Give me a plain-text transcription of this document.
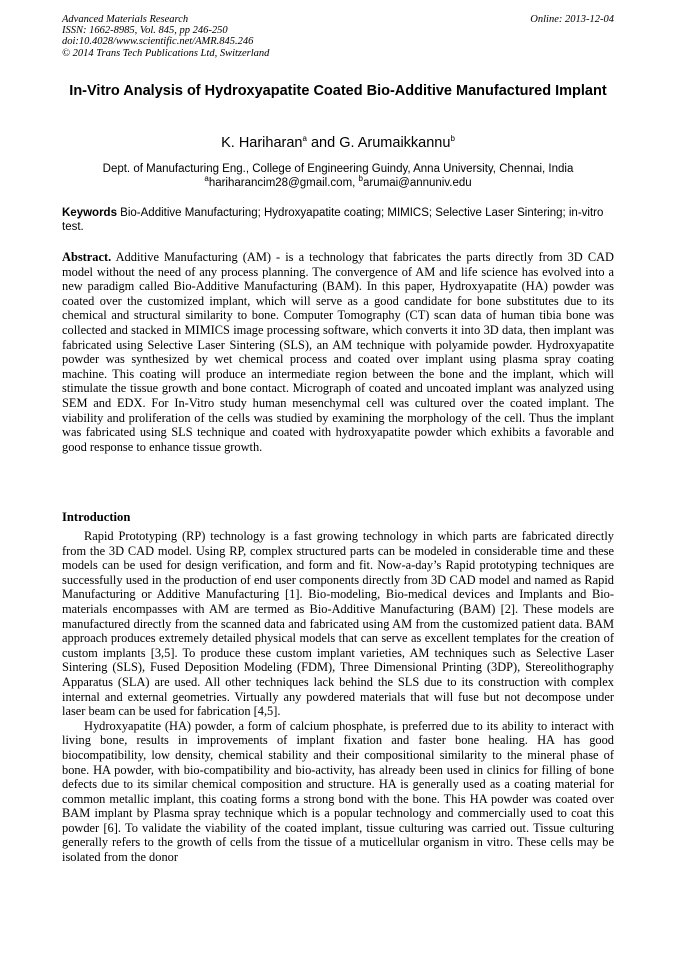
Advanced Materials Research
ISSN: 1662-8985, Vol. 845, pp 246-250
doi:10.4028/www.scientific.net/AMR.845.246
© 2014 Trans Tech Publications Ltd, Switzerland
Online: 2013-12-04
In-Vitro Analysis of Hydroxyapatite Coated Bio-Additive Manufactured Implant
K. Hariharan$^a$ and G. Arumaikkannu$^b$
Dept. of Manufacturing Eng., College of Engineering Guindy, Anna University, Chennai, India
$^a$hariharancim28@gmail.com, $^b$arumai@annuniv.edu
Keywords Bio-Additive Manufacturing; Hydroxyapatite coating; MIMICS; Selective Laser Sintering; in-vitro test.

Abstract. Additive Manufacturing (AM) - is a technology that fabricates the parts directly from 3D CAD model without the need of any process planning. The convergence of AM and life science has evolved into a new paradigm called Bio-Additive Manufacturing (BAM). In this paper, Hydroxyapatite (HA) powder was coated over the customized implant, which will serve as a good candidate for bone substitutes due to its chemical and structural similarity to bone. Computer Tomography (CT) scan data of human tibia bone was collected and stacked in MIMICS image processing software, which converts it into 3D data, then implant was fabricated using Selective Laser Sintering (SLS), an AM technique with polyamide powder. Hydroxyapatite powder was synthesized by wet chemical process and coated over implant using plasma spray coating machine. This coating will produce an intermediate region between the bone and the implant, which will stimulate the tissue growth and bone contact. Micrograph of coated and uncoated implant was analyzed using SEM and EDX. For In-Vitro study human mesenchymal cell was cultured over the coated implant. The viability and proliferation of the cells was studied by examining the morphology of the cell. Thus the implant was fabricated using SLS technique and coated with hydroxyapatite powder which exhibits a favorable and good response to enhance tissue growth.

Introduction

Rapid Prototyping (RP) technology is a fast growing technology in which parts are fabricated directly from the 3D CAD model. Using RP, complex structured parts can be modeled in considerable time and these models can be used for design verification, and form and fit. Now-a-day’s Rapid prototyping techniques are successfully used in the production of end user components directly from 3D CAD model and named as Rapid Manufacturing or Additive Manufacturing [1]. Bio-modeling, Bio-medical devices and Implants and Bio-materials encompasses with AM are termed as Bio-Additive Manufacturing (BAM) [2]. These models are manufactured directly from the scanned data and fabricated using AM from the customized patient data. BAM approach produces extremely detailed physical models that can serve as excellent templates for the creation of custom implants [3,5]. To produce these custom implant varieties, AM techniques such as Selective Laser Sintering (SLS), Fused Deposition Modeling (FDM), Three Dimensional Printing (3DP), Stereolithography Apparatus (SLA) are used. All other techniques lack behind the SLS due to its construction with complex internal and external geometries. Virtually any powdered materials that will fuse but not decompose under laser beam can be used for fabrication [4,5].

Hydroxyapatite (HA) powder, a form of calcium phosphate, is preferred due to its ability to interact with living bone, results in improvements of implant fixation and faster bone healing. HA has good biocompatibility, low density, chemical stability and their compositional similarity to the mineral phase of bone. HA powder, with bio-compatibility and bio-activity, has already been used in clinics for filling of bone defects due to its similar chemical composition and structure. HA is generally used as a coating material for common metallic implant, this coating forms a strong bond with the bone. This HA powder was coated over BAM implant by Plasma spray technique which is a popular technology and commercially used to coat this powder [6]. To validate the viability of the coated implant, tissue culturing was carried out. Tissue culturing generally refers to the growth of cells from the tissue of a muticellular organism in vitro. These cells may be isolated from the donor
